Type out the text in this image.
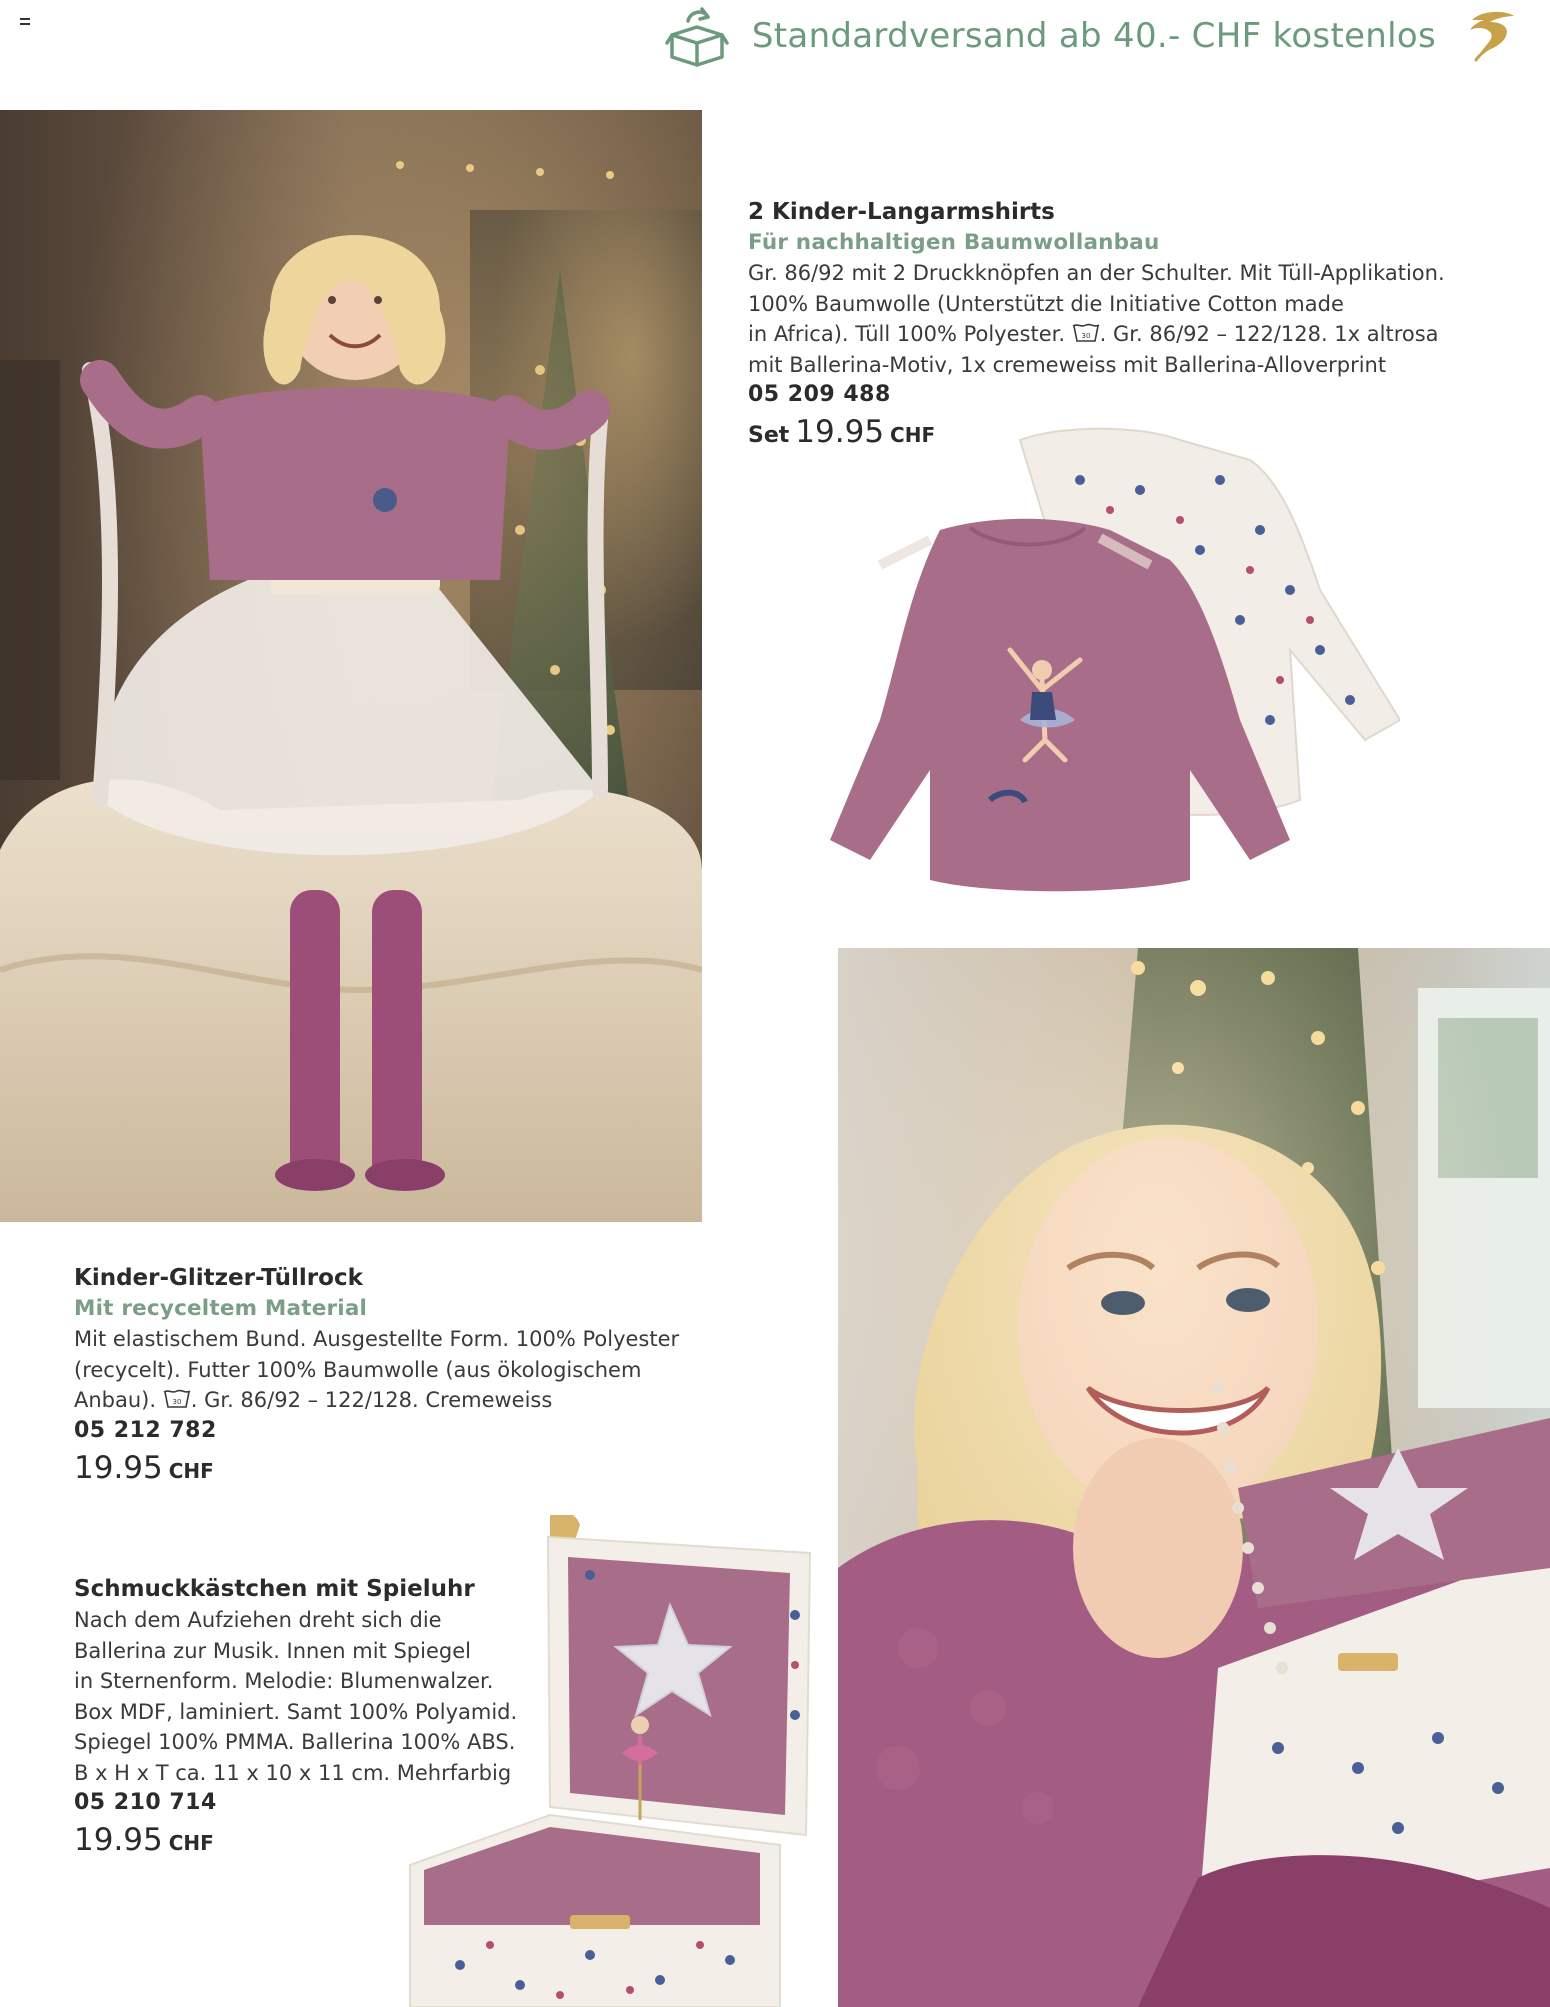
Standardversand ab 40.- CHF kostenlos
2 Kinder-Langarmshirts
Für nachhaltigen Baumwollanbau
Gr. 86/92 mit 2 Druckknöpfen an der Schulter. Mit Tüll-Applikation.
100% Baumwolle (Unterstützt die Initiative Cotton made
in Africa). Tüll 100% Polyester. 30 . Gr. 86/92 – 122/128. 1x altrosa
mit Ballerina-Motiv, 1x cremeweiss mit Ballerina-Alloverprint
05 209 488
Set 19.95 CHF
Kinder-Glitzer-Tüllrock
Mit recyceltem Material
Mit elastischem Bund. Ausgestellte Form. 100% Polyester
(recycelt). Futter 100% Baumwolle (aus ökologischem
Anbau). 30 . Gr. 86/92 – 122/128. Cremeweiss
05 212 782
19.95 CHF
Schmuckkästchen mit Spieluhr
Nach dem Aufziehen dreht sich die
Ballerina zur Musik. Innen mit Spiegel
in Sternenform. Melodie: Blumenwalzer.
Box MDF, laminiert. Samt 100% Polyamid.
Spiegel 100% PMMA. Ballerina 100% ABS.
B x H x T ca. 11 x 10 x 11 cm. Mehrfarbig
05 210 714
19.95 CHF
